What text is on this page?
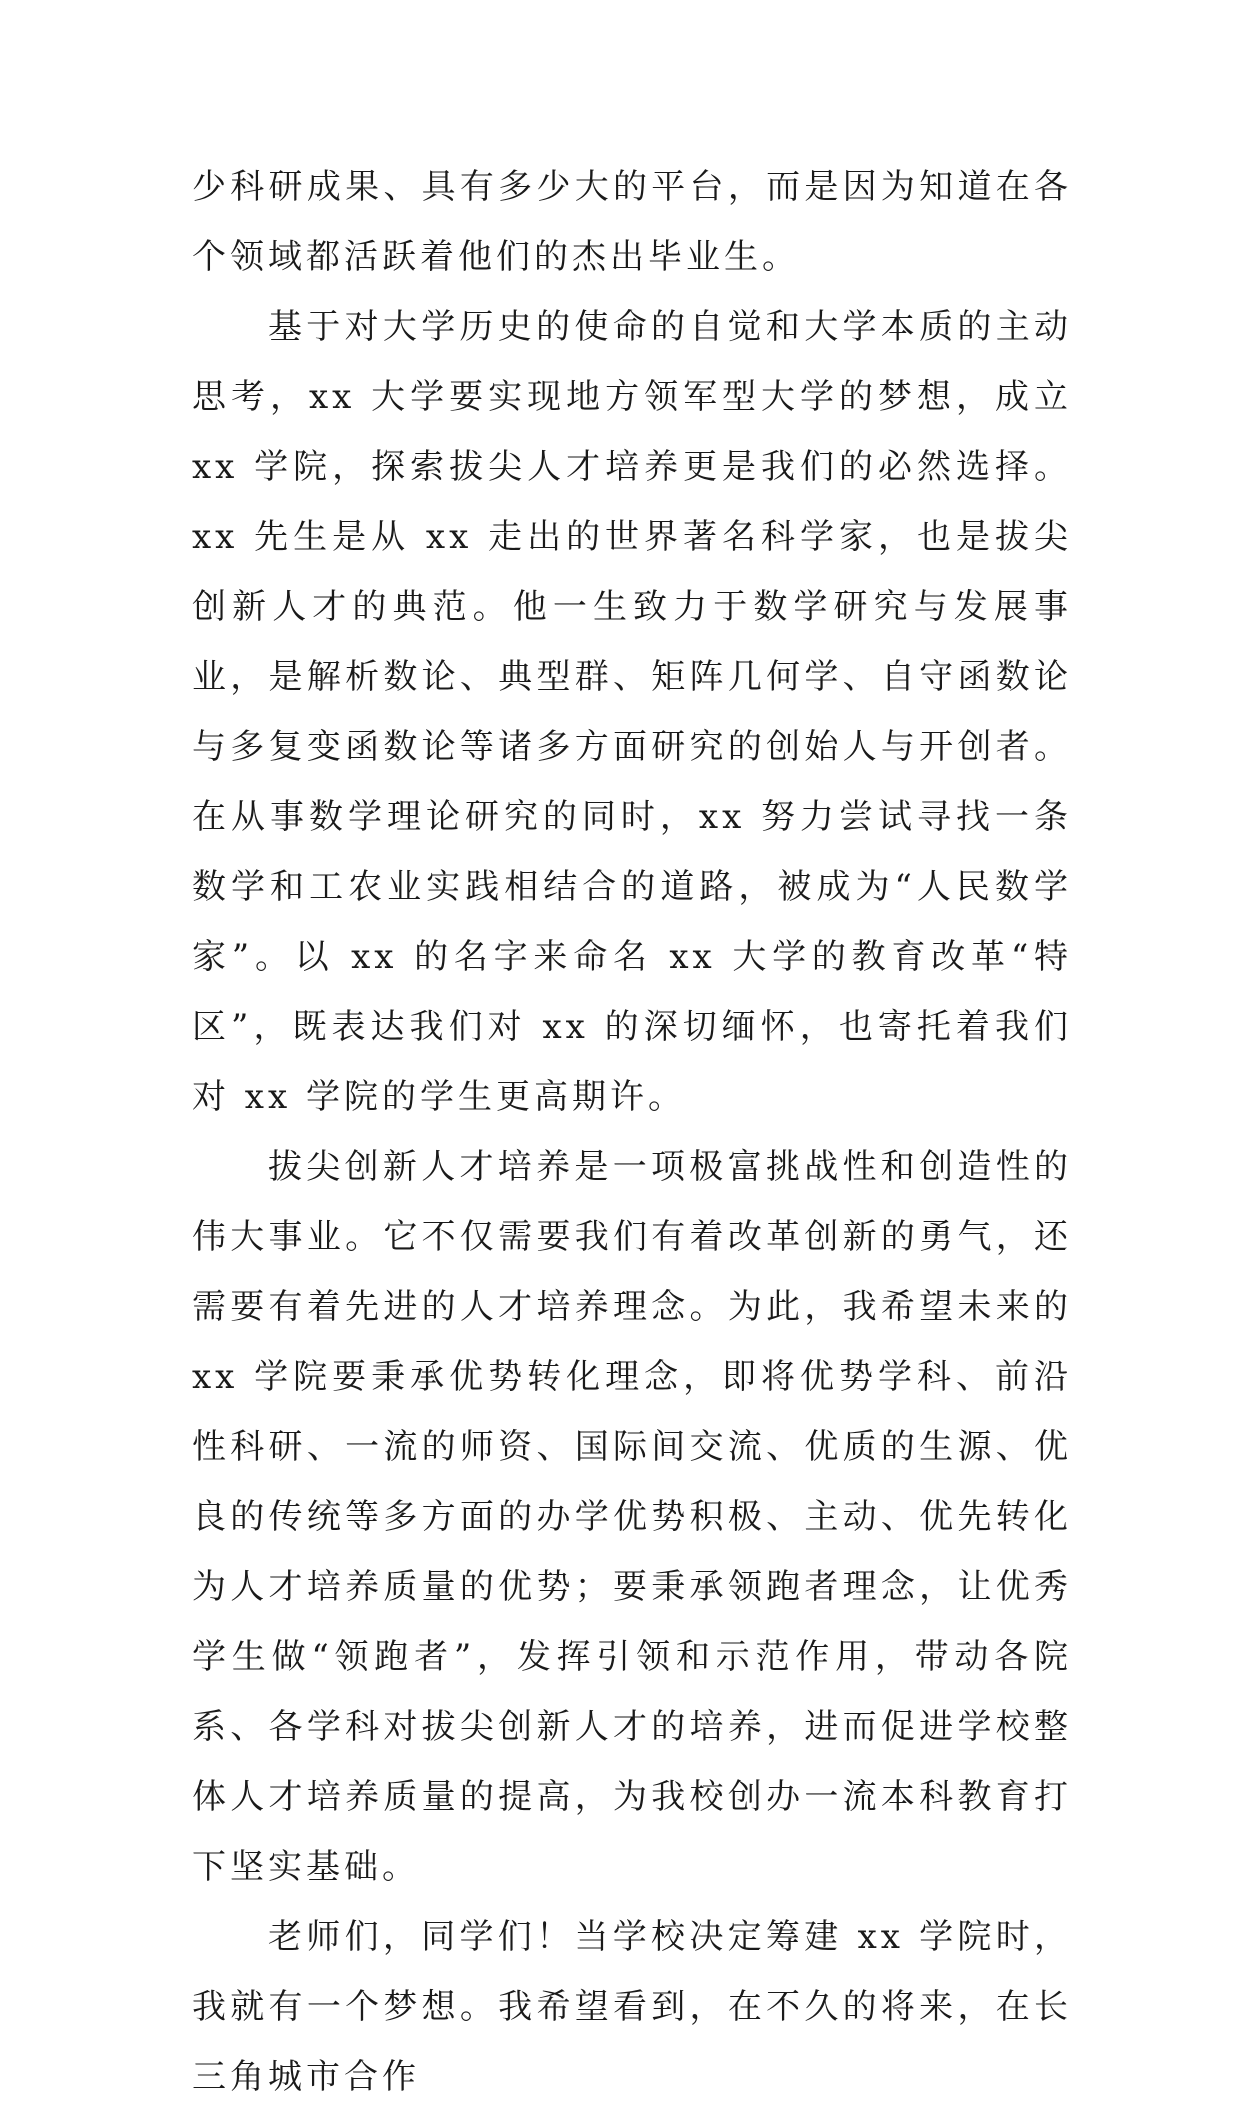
少科研成果、具有多少大的平台，而是因为知道在各个领域都活跃着他们的杰出毕业生。

基于对大学历史的使命的自觉和大学本质的主动思考，xx 大学要实现地方领军型大学的梦想，成立 xx 学院，探索拔尖人才培养更是我们的必然选择。xx 先生是从 xx 走出的世界著名科学家，也是拔尖创新人才的典范。他一生致力于数学研究与发展事业，是解析数论、典型群、矩阵几何学、自守函数论与多复变函数论等诸多方面研究的创始人与开创者。在从事数学理论研究的同时，xx 努力尝试寻找一条数学和工农业实践相结合的道路，被成为“人民数学家”。以 xx 的名字来命名 xx 大学的教育改革“特区”，既表达我们对 xx 的深切缅怀，也寄托着我们对 xx 学院的学生更高期许。

拔尖创新人才培养是一项极富挑战性和创造性的伟大事业。它不仅需要我们有着改革创新的勇气，还需要有着先进的人才培养理念。为此，我希望未来的 xx 学院要秉承优势转化理念，即将优势学科、前沿性科研、一流的师资、国际间交流、优质的生源、优良的传统等多方面的办学优势积极、主动、优先转化为人才培养质量的优势；要秉承领跑者理念，让优秀学生做“领跑者”，发挥引领和示范作用，带动各院系、各学科对拔尖创新人才的培养，进而促进学校整体人才培养质量的提高，为我校创办一流本科教育打下坚实基础。

老师们，同学们！当学校决定筹建 xx 学院时，我就有一个梦想。我希望看到，在不久的将来，在长三角城市合作
